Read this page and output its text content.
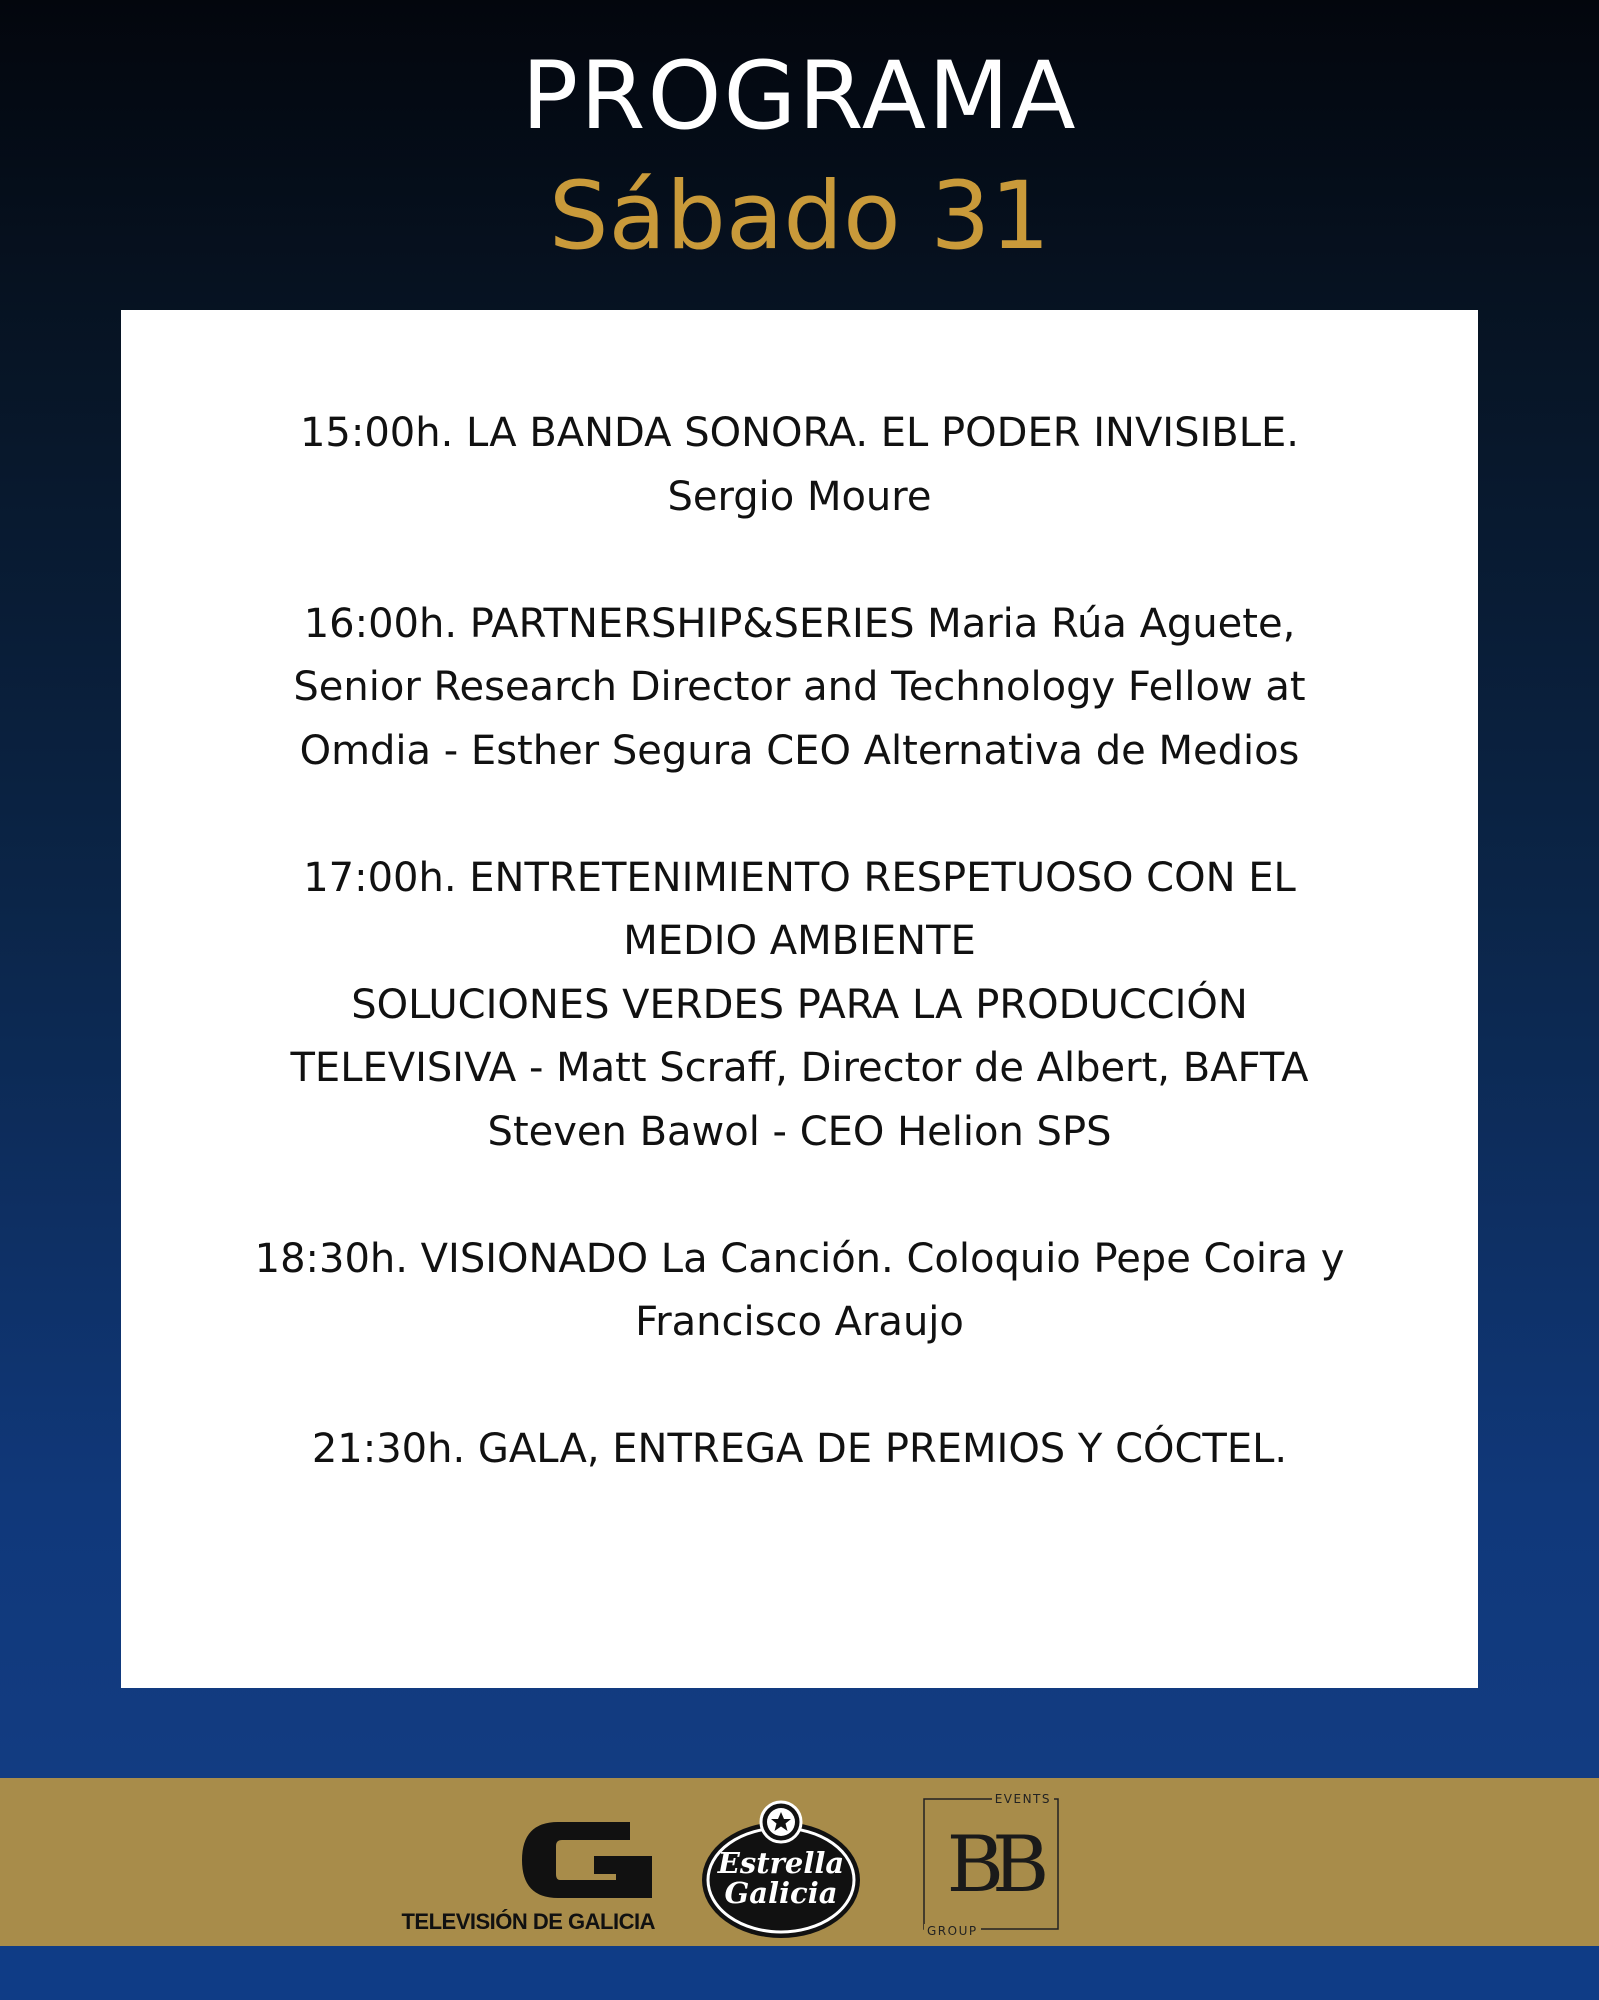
PROGRAMA
Sábado 31
15:00h. LA BANDA SONORA. EL PODER INVISIBLE.
Sergio Moure
16:00h. PARTNERSHIP&SERIES Maria Rúa Aguete,
Senior Research Director and Technology Fellow at
Omdia - Esther Segura CEO Alternativa de Medios
17:00h. ENTRETENIMIENTO RESPETUOSO CON EL
MEDIO AMBIENTE
SOLUCIONES VERDES PARA LA PRODUCCIÓN
TELEVISIVA - Matt Scraff, Director de Albert, BAFTA
Steven Bawol - CEO Helion SPS
18:30h. VISIONADO La Canción. Coloquio Pepe Coira y
Francisco Araujo
21:30h. GALA, ENTREGA DE PREMIOS Y CÓCTEL.
TELEVISIÓN DE GALICIA
Estrella
Galicia
EVENTS
BB
GROUP
